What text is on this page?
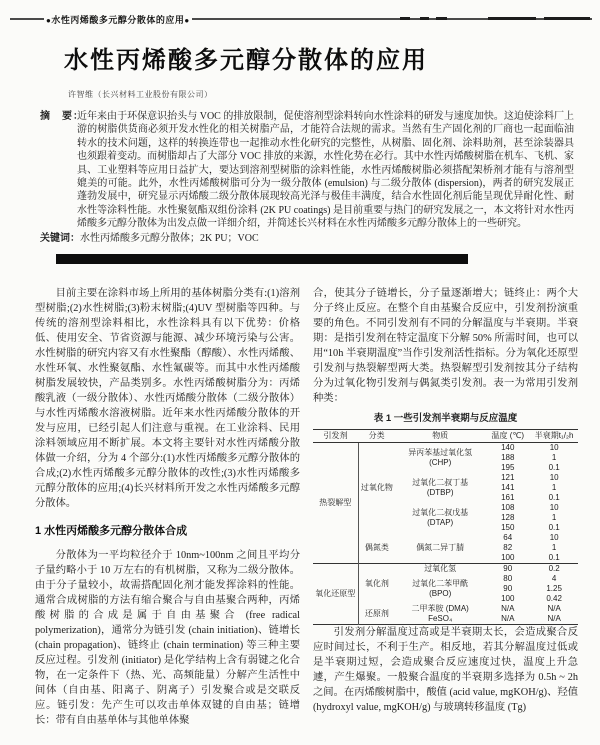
●水性丙烯酸多元醇分散体的应用●
水性丙烯酸多元醇分散体的应用
许智维（长兴材料工业股份有限公司）
摘　要：
近年来由于环保意识抬头与 VOC 的排放限制，促使溶剂型涂料转向水性涂料的研发与速度加快。这迫使涂料厂上游的树脂供货商必须开发水性化的相关树脂产品，才能符合法规的需求。当然有生产固化剂的厂商也一起面临油转水的技术问题，这样的转换连带也一起推动水性化研究的完整性，从树脂、固化剂、涂料助剂，甚至涂装器具也须跟着变动。而树脂却占了大部分 VOC 排放的来源，水性化势在必行。其中水性丙烯酸树脂在机车、飞机、家具、工业塑料等应用日益扩大，要达到溶剂型树脂的涂料性能，水性丙烯酸树脂必须搭配架桥剂才能有与溶剂型媲美的可能。此外，水性丙烯酸树脂可分为一级分散体 (emulsion) 与二级分散体 (dispersion)，两者的研究发展正蓬勃发展中，研究显示丙烯酸二级分散体展现较高光泽与极佳丰满度，结合水性固化剂后能呈现优异耐化性、耐水性等涂料性能。水性聚氨酯双组份涂料 (2K PU coatings) 是目前重要与热门的研究发展之一，本文将针对水性丙烯酸多元醇分散体为出发点做一详细介绍，并简述长兴材料在水性丙烯酸多元醇分散体上的一些研究。
关键词：水性丙烯酸多元醇分散体；2K PU；VOC

目前主要在涂料市场上所用的基体树脂分类有:(1)溶剂型树脂;(2)水性树脂;(3)粉末树脂;(4)UV 型树脂等四种。与传统的溶剂型涂料相比，水性涂料具有以下优势：价格低、使用安全、节省资源与能源、减少环境污染与公害。水性树脂的研究内容又有水性聚酯（醇酸）、水性丙烯酸、水性环氧、水性聚氨酯、水性氟碳等。而其中水性丙烯酸树脂发展较快，产品类别多。水性丙烯酸树脂分为：丙烯酸乳液（一级分散体）、水性丙烯酸分散体（二级分散体）与水性丙烯酸水溶液树脂。近年来水性丙烯酸分散体的开发与应用，已经引起人们注意与重视。在工业涂料、民用涂料领域应用不断扩展。本文将主要针对水性丙烯酸分散体做一介绍，分为 4 个部分:(1)水性丙烯酸多元醇分散体的合成;(2)水性丙烯酸多元醇分散体的改性;(3)水性丙烯酸多元醇分散体的应用;(4)长兴材料所开发之水性丙烯酸多元醇分散体。

1 水性丙烯酸多元醇分散体合成

分散体为一平均粒径介于 10nm~100nm 之间且平均分子量约略小于 10 万左右的有机树脂，又称为二级分散体。由于分子量较小，故需搭配固化剂才能发挥涂料的性能。通常合成树脂的方法有缩合聚合与自由基聚合两种，丙烯酸树脂的合成是属于自由基聚合 (free radical polymerization)，通常分为链引发 (chain initiation)、链增长 (chain propagation)、链终止 (chain termination) 等三种主要反应过程。引发剂 (initiator) 是化学结构上含有弱键之化合物，在一定条件下（热、光、高频能量）分解产生活性中间体（自由基、阳离子、阴离子）引发聚合或是交联反应。链引发：先产生可以攻击单体双键的自由基；链增长：带有自由基单体与其他单体聚

合，使其分子链增长，分子量逐渐增大；链终止：两个大分子终止反应。在整个自由基聚合反应中，引发剂扮演重要的角色。不同引发剂有不同的分解温度与半衰期。半衰期：是指引发剂在特定温度下分解 50% 所需时间，也可以用“10h 半衰期温度”当作引发剂活性指标。分为氧化还原型引发剂与热裂解型两大类。热裂解型引发剂按其分子结构分为过氧化物引发剂与偶氮类引发剂。表一为常用引发剂种类：

表 1 一些引发剂半衰期与反应温度
引发剂	分类	物质	温度 (℃)	半衰期t₁/₂h
热裂解型	过氧化物	异丙苯基过氧化氢
(CHP)	140	10
			188	1
			195	0.1
		过氧化二叔丁基
(DTBP)	121	10
			141	1
			161	0.1
		过氧化二叔戊基
(DTAP)	108	10
			128	1
			150	0.1
	偶氮类	偶氮二异丁腈	64	10
			82	1
			100	0.1
氧化还原型	氧化剂	过氧化氢	90	0.2
		过氧化二苯甲酰
(BPO)	80	4
			90	1.25
			100	0.42
	还原剂	二甲苯胺 (DMA)	N/A	N/A
		FeSO₄	N/A	N/A

引发剂分解温度过高或是半衰期太长，会造成聚合反应时间过长，不利于生产。相反地，若其分解温度过低或是半衰期过短，会造成聚合反应速度过快，温度上升急遽，产生爆聚。一般聚合温度的半衰期多选择为 0.5h ~ 2h 之间。在丙烯酸树脂中，酸值 (acid value, mgKOH/g)、羟值 (hydroxyl value, mgKOH/g) 与玻璃转移温度 (Tg)
